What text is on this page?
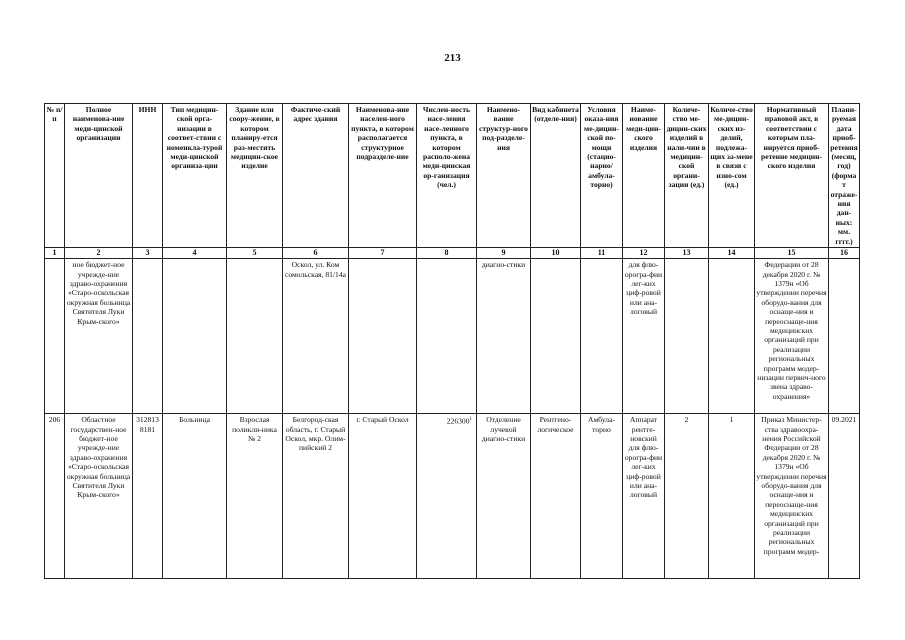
213
№ п/п	Полное наименова-ние меди-цинской организации	ИНН	Тип медицин-ской орга-низации в соответ-ствии с номенкла-турой меди-цинской организа-ции	Здание или соору-жение, в котором планиру-ется раз-местить медицин-ское изделие	Фактиче-ский адрес здания	Наименова-ние населен-ного пункта, в котором располагается структурное подразделе-ние	Числен-ность насе-ления насе-ленного пункта, в котором располо-жена меди-цинская ор-ганизация (чел.)	Наимено-вание структур-ного под-разделе-ния	Вид кабинета (отделе-ния)	Условия оказа-ния ме-дицин-ской по-мощи (стацио-нарно/ амбула-торно)	Наиме-нование меди-цин-ского изделия	Количе-ство ме-дицин-ских изделий в нали-чии в медицин-ской органи-зации (ед.)	Количе-ство ме-дицин-ских из-делий, подлежа-щих за-мене в связи с изно-сом (ед.)	Нормативный правовой акт, в соответствии с которым пла-нируется приоб-ретение медицин-ского изделия	Плани-руемая дата приоб-ретения (месяц, год) (формат отраже-ния дан-ных: мм. гггг.)
1	2	3	4	5	6	7	8	9	10	11	12	13	14	15	16
	ное бюджет-ное учрежде-ние здраво-охранения «Старо-оскольская окружная больница Святителя Луки Крым-ского»				Оскол, ул. Ком сомольская, 81/14а			диагно-стики			для флю-орогра-фии лег-ких циф-ровой или ана-логовый			Федерации от 28 декабря 2020 г. № 1379н «Об утверждении перечня оборудо-вания для оснаще-ния и переоснаще-ния медицинских организаций при реализации региональных программ модер-низации первич-ного звена здраво-охранения»	
206	Областное государствен-ное бюджет-ное учрежде-ние здраво-охранения «Старо-оскольская окружная больница Святителя Луки Крым-ского»	312813 8181	Больница	Взрослая поликли-ника № 2	Белгород-ская область, г. Старый Оскол, мкр. Олим-пийский 2	г. Старый Оскол	226300$^1$	Отделение лучевой диагно-стики	Рентгено-логическое	Амбула-торно	Аппарат рентге-новский для флю-орогра-фии лег-ких циф-ровой или ана-логовый	2	1	Приказ Министер-ства здравоохра-нения Российской Федерации от 28 декабря 2020 г. № 1379н «Об утверждении перечня оборудо-вания для оснаще-ния и переоснаще-ния медицинских организаций при реализации региональных программ модер-	09.2021
